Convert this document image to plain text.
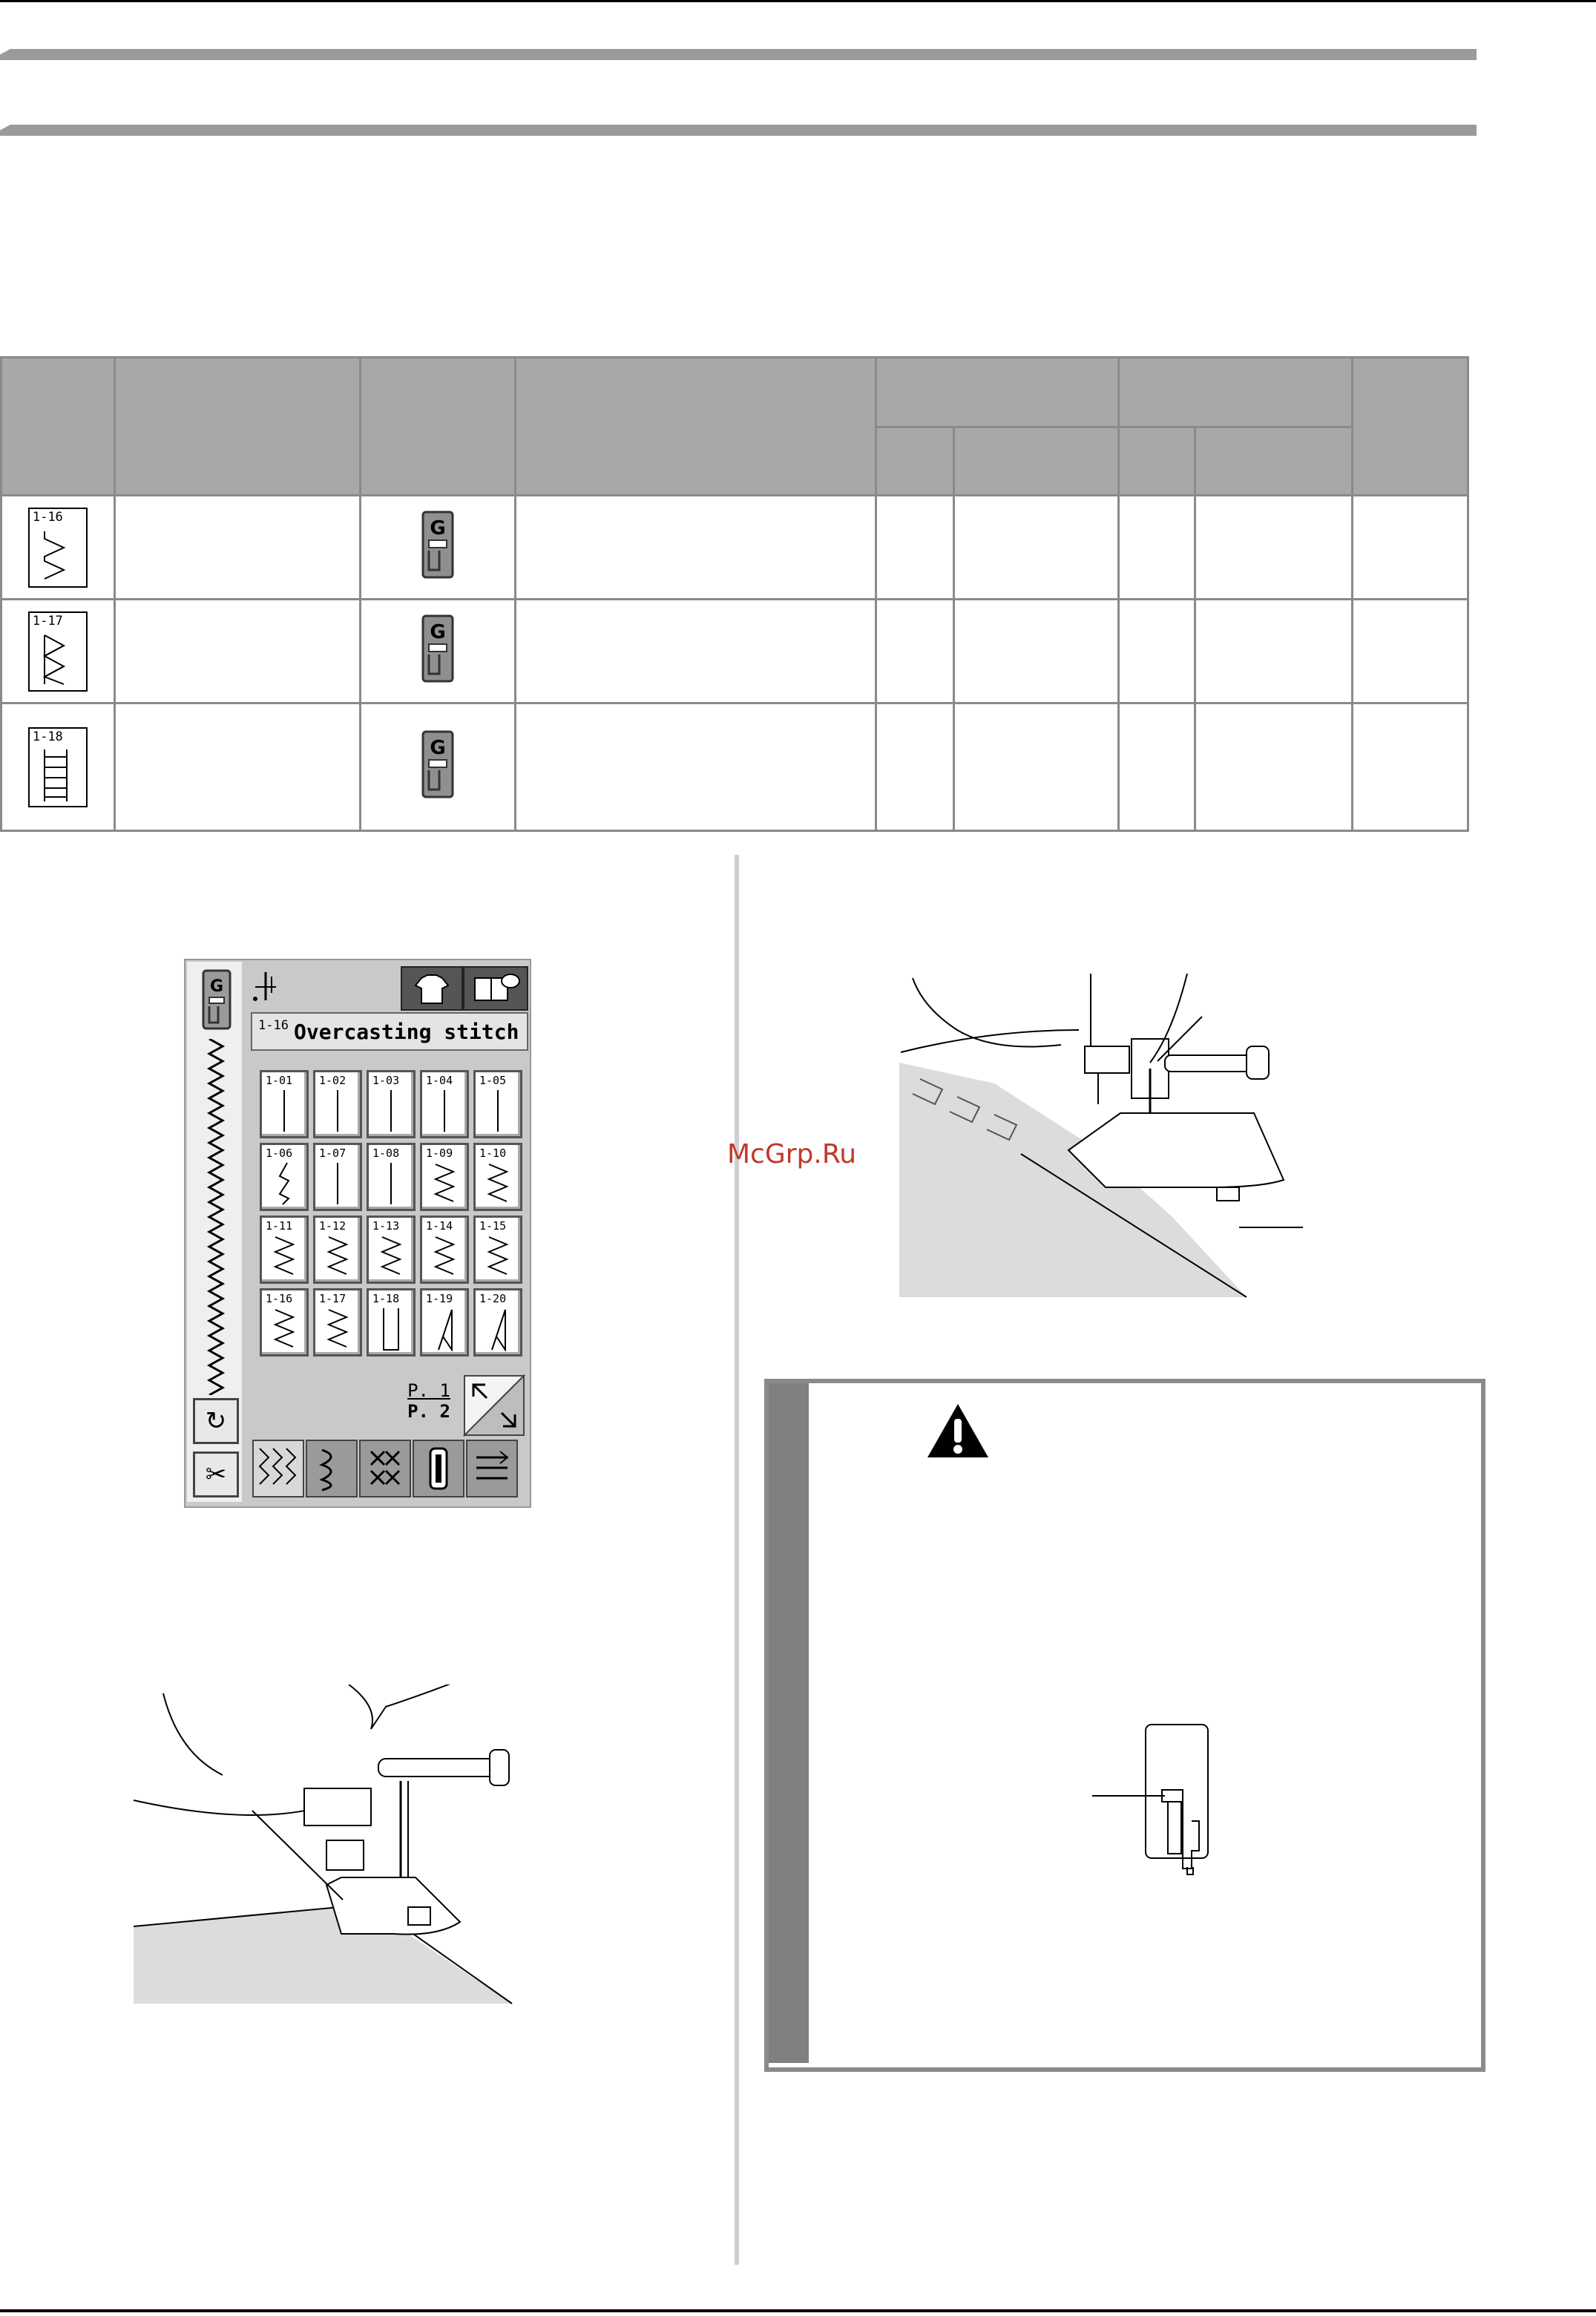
1-16		G						

1-17		G						

1-18		G						

G
1-16 Overcasting stitch
1-01 1-02 1-03 1-04 1-05
1-06 1-07 1-08 1-09 1-10
1-11 1-12 1-13 1-14 1-15
1-16 1-17 1-18 1-19 1-20
P. 1
P. 2
↻
✂
McGrp.Ru
